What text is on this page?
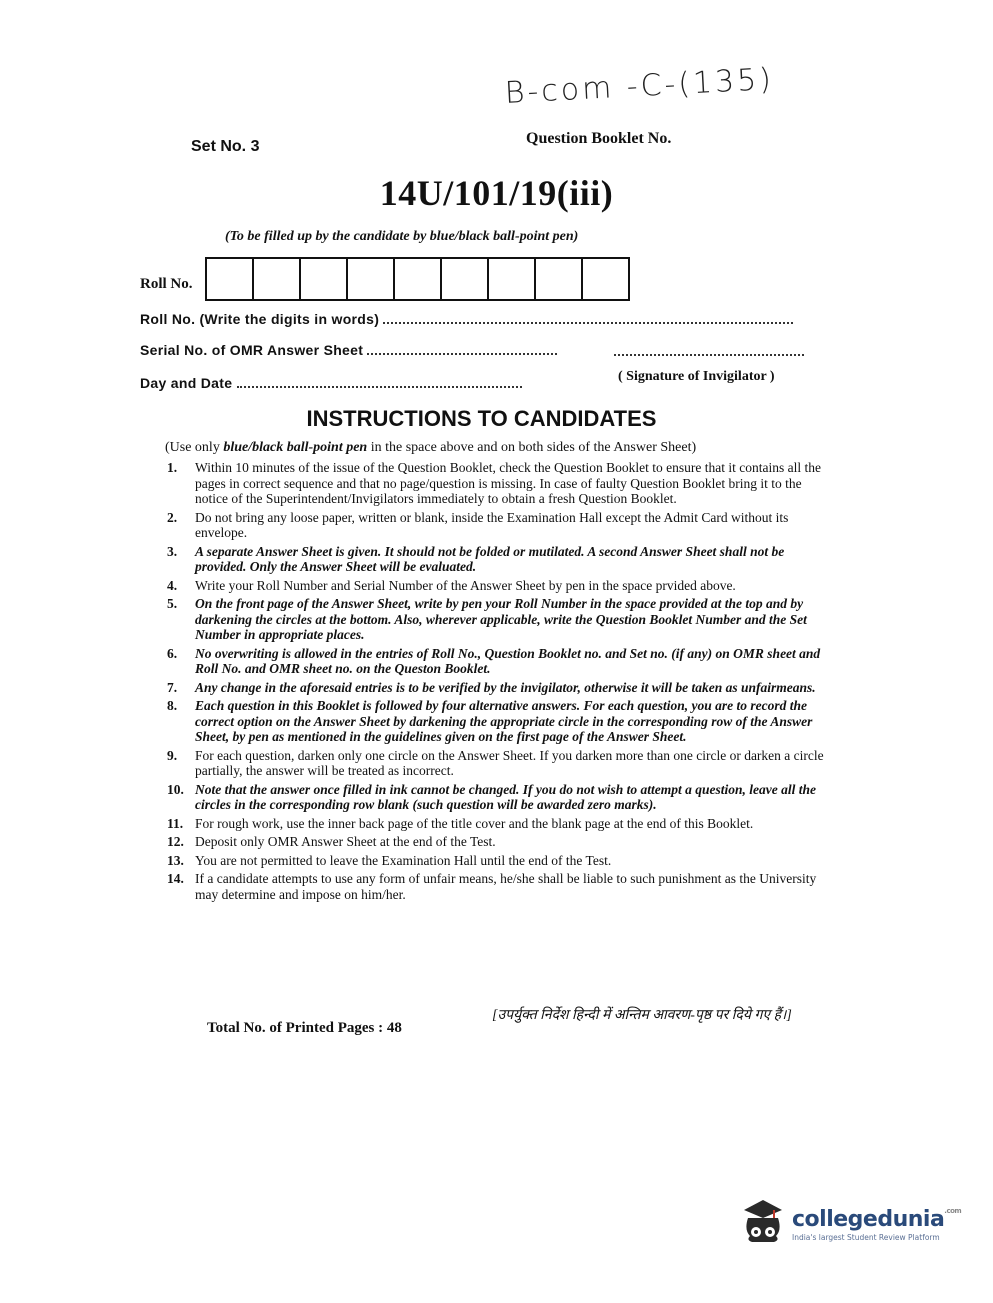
B-com -C-(135)
Question Booklet No.
Set No. 3
14U/101/19(iii)
(To be filled up by the candidate by blue/black ball-point pen)
Roll No.
Roll No. (Write the digits in words)
Serial No. of OMR Answer Sheet
Day and Date	( Signature of Invigilator )
INSTRUCTIONS TO CANDIDATES
(Use only blue/black ball-point pen in the space above and on both sides of the Answer Sheet)
1.	Within 10 minutes of the issue of the Question Booklet, check the Question Booklet to ensure that it contains all the pages in correct sequence and that no page/question is missing. In case of faulty Question Booklet bring it to the notice of the Superintendent/Invigilators immediately to obtain a fresh Question Booklet.
2.	Do not bring any loose paper, written or blank, inside the Examination Hall except the Admit Card without its envelope.
3.	A separate Answer Sheet is given. It should not be folded or mutilated. A second Answer Sheet shall not be provided. Only the Answer Sheet will be evaluated.
4.	Write your Roll Number and Serial Number of the Answer Sheet by pen in the space prvided above.
5.	On the front page of the Answer Sheet, write by pen your Roll Number in the space provided at the top and by darkening the circles at the bottom. Also, wherever applicable, write the Question Booklet Number and the Set Number in appropriate places.
6.	No overwriting is allowed in the entries of Roll No., Question Booklet no. and Set no. (if any) on OMR sheet and Roll No. and OMR sheet no. on the Queston Booklet.
7.	Any change in the aforesaid entries is to be verified by the invigilator, otherwise it will be taken as unfairmeans.
8.	Each question in this Booklet is followed by four alternative answers. For each question, you are to record the correct option on the Answer Sheet by darkening the appropriate circle in the corresponding row of the Answer Sheet, by pen as mentioned in the guidelines given on the first page of the Answer Sheet.
9.	For each question, darken only one circle on the Answer Sheet. If you darken more than one circle or darken a circle partially, the answer will be treated as incorrect.
10. Note that the answer once filled in ink cannot be changed. If you do not wish to attempt a question, leave all the circles in the corresponding row blank (such question will be awarded zero marks).
11. For rough work, use the inner back page of the title cover and the blank page at the end of this Booklet.
12. Deposit only OMR Answer Sheet at the end of the Test.
13. You are not permitted to leave the Examination Hall until the end of the Test.
14. If a candidate attempts to use any form of unfair means, he/she shall be liable to such punishment as the University may determine and impose on him/her.
Total No. of Printed Pages : 48
[उपर्युक्त निर्देश हिन्दी में अन्तिम आवरण-पृष्ठ पर दिये गए हैं।]
collegedunia$^{.com}$
India's largest Student Review Platform
